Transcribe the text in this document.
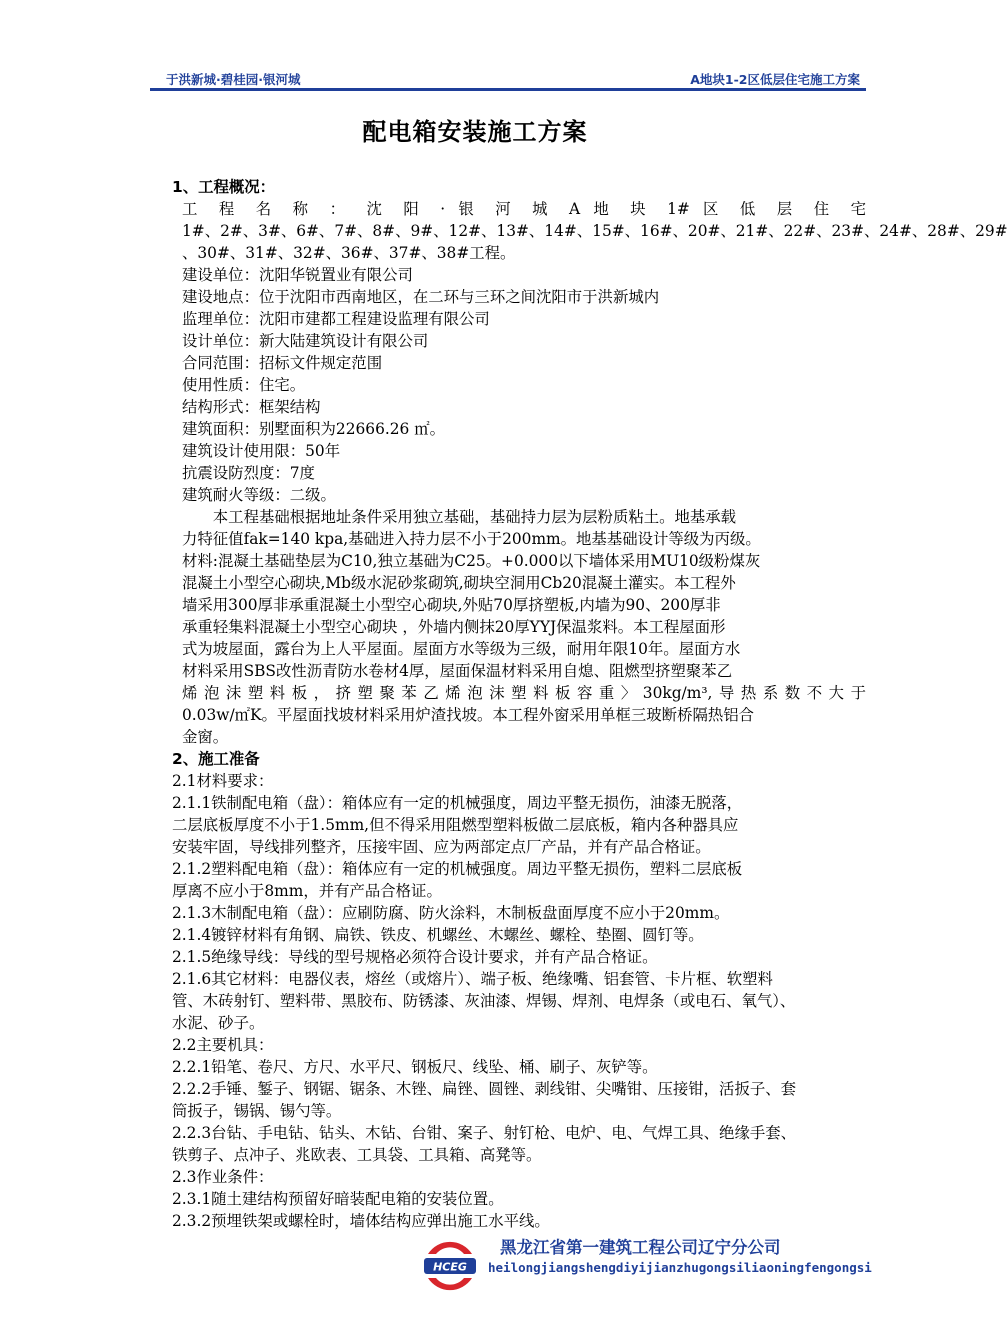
于洪新城·碧桂园·银河城	A地块1-2区低层住宅施工方案
配电箱安装施工方案
1、工程概况：
工 程 名 称 ： 沈 阳 · 银 河 城 A 地 块 1# 区 低 层 住 宅
1#、2#、3#、6#、7#、8#、9#、12#、13#、14#、15#、16#、20#、21#、22#、23#、24#、28#、29#
、30#、31#、32#、36#、37#、38#工程。
建设单位：沈阳华锐置业有限公司
建设地点：位于沈阳市西南地区，在二环与三环之间沈阳市于洪新城内
监理单位：沈阳市建都工程建设监理有限公司
设计单位：新大陆建筑设计有限公司
合同范围：招标文件规定范围
使用性质：住宅。
结构形式：框架结构
建筑面积：别墅面积为22666.26 ㎡。
建筑设计使用限：50年
抗震设防烈度：7度
建筑耐火等级：二级。
　　本工程基础根据地址条件采用独立基础，基础持力层为层粉质粘土。地基承载
力特征值fak=140 kpa,基础进入持力层不小于200mm。地基基础设计等级为丙级。
材料:混凝土基础垫层为C10,独立基础为C25。+0.000以下墙体采用MU10级粉煤灰
混凝土小型空心砌块,Mb级水泥砂浆砌筑,砌块空洞用Cb20混凝土灌实。本工程外
墙采用300厚非承重混凝土小型空心砌块,外贴70厚挤塑板,内墙为90、200厚非
承重轻集料混凝土小型空心砌块 ，外墙内侧抹20厚YYJ保温浆料。本工程屋面形
式为坡屋面，露台为上人平屋面。屋面方水等级为三级，耐用年限10年。屋面方水
材料采用SBS改性沥青防水卷材4厚，屋面保温材料采用自熄、阻燃型挤塑聚苯乙
烯泡沫塑料板，挤塑聚苯乙烯泡沫塑料板容重〉30kg/m³,导热系数不大于
0.03w/㎡K。平屋面找坡材料采用炉渣找坡。本工程外窗采用单框三玻断桥隔热铝合
金窗。
2、施工准备
2.1材料要求：
2.1.1铁制配电箱（盘）：箱体应有一定的机械强度，周边平整无损伤，油漆无脱落，
二层底板厚度不小于1.5mm,但不得采用阻燃型塑料板做二层底板，箱内各种器具应
安装牢固，导线排列整齐，压接牢固、应为两部定点厂产品，并有产品合格证。
2.1.2塑料配电箱（盘）：箱体应有一定的机械强度。周边平整无损伤，塑料二层底板
厚离不应小于8mm，并有产品合格证。
2.1.3木制配电箱（盘）：应刷防腐、防火涂料，木制板盘面厚度不应小于20mm。
2.1.4镀锌材料有角钢、扁铁、铁皮、机螺丝、木螺丝、螺栓、垫圈、圆钉等。
2.1.5绝缘导线：导线的型号规格必须符合设计要求，并有产品合格证。
2.1.6其它材料：电器仪表，熔丝（或熔片）、端子板、绝缘嘴、铝套管、卡片框、软塑料
管、木砖射钉、塑料带、黑胶布、防锈漆、灰油漆、焊锡、焊剂、电焊条（或电石、氧气）、
水泥、砂子。
2.2主要机具：
2.2.1铅笔、卷尺、方尺、水平尺、钢板尺、线坠、桶、刷子、灰铲等。
2.2.2手锤、錾子、钢锯、锯条、木锉、扁锉、圆锉、剥线钳、尖嘴钳、压接钳，活扳子、套
筒扳子，锡锅、锡勺等。
2.2.3台钻、手电钻、钻头、木钻、台钳、案子、射钉枪、电炉、电、气焊工具、绝缘手套、
铁剪子、点冲子、兆欧表、工具袋、工具箱、高凳等。
2.3作业条件：
2.3.1随土建结构预留好暗装配电箱的安装位置。
2.3.2预埋铁架或螺栓时，墙体结构应弹出施工水平线。
HCEG
黑龙江省第一建筑工程公司辽宁分公司
heilongjiangshengdiyijianzhugongsiliaoningfengongsi
